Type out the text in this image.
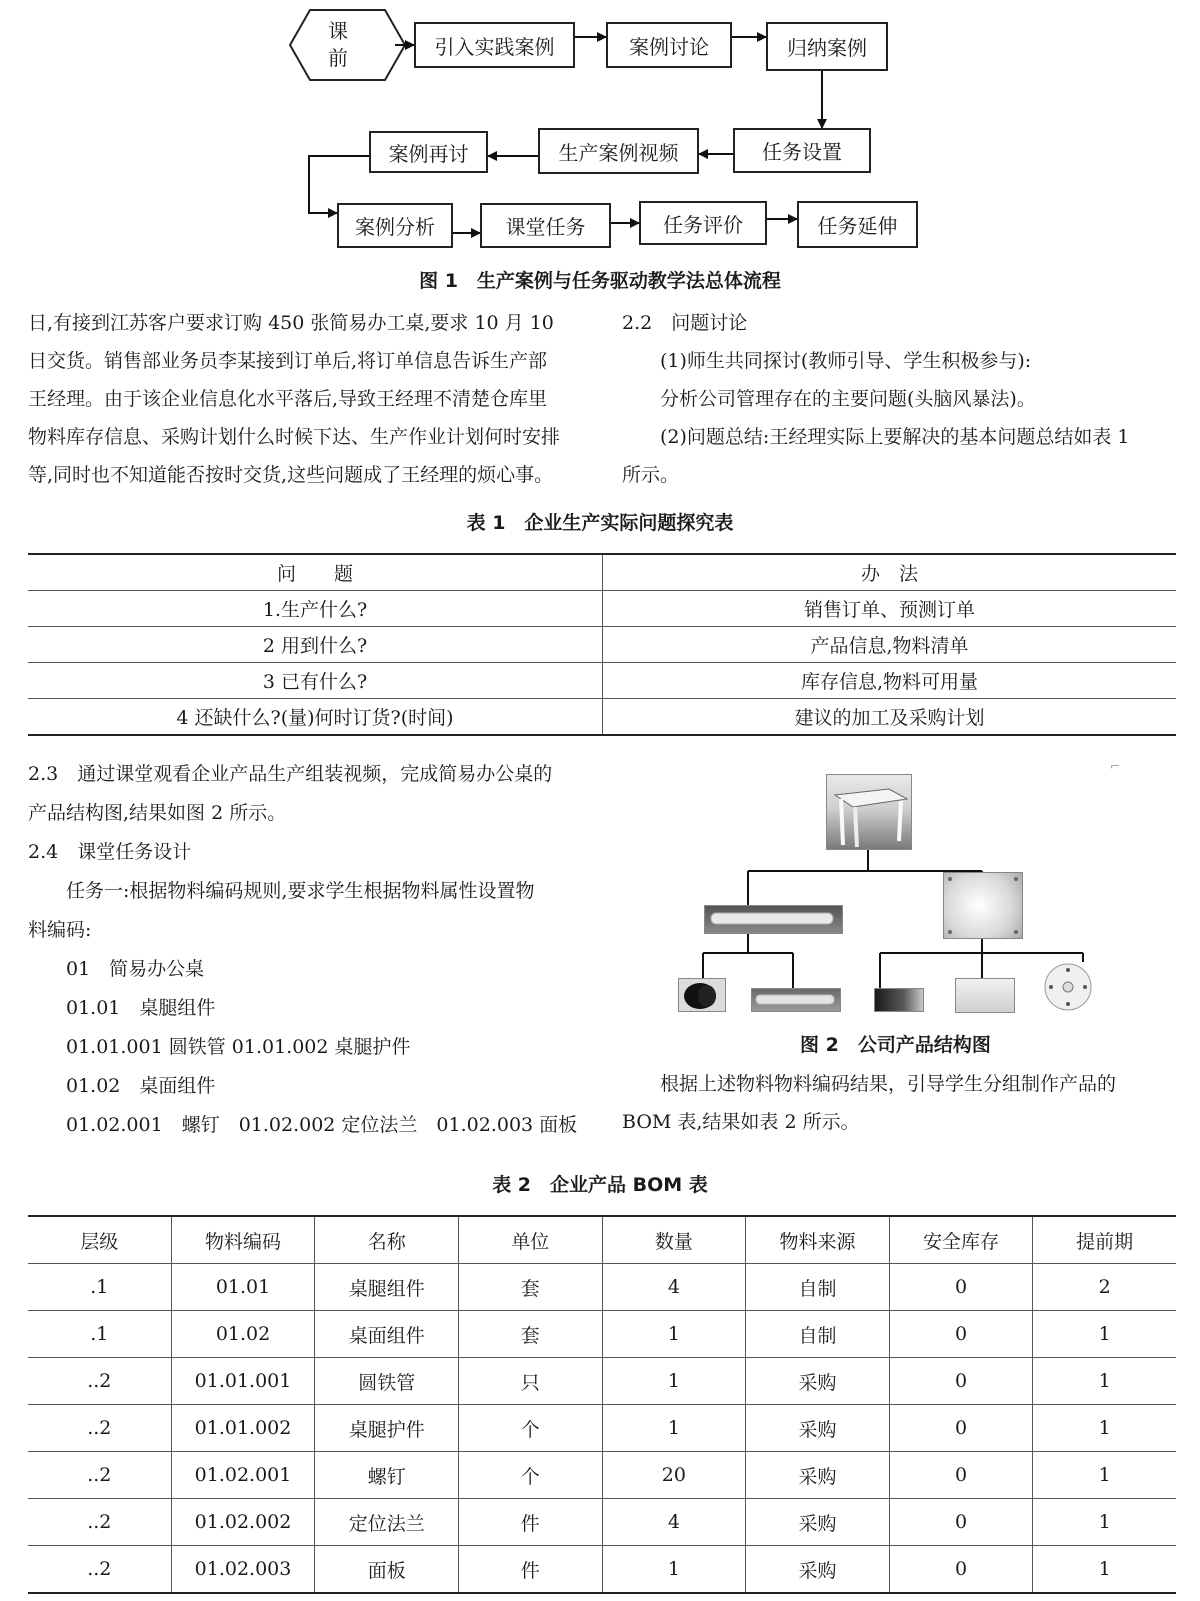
课
前	引入实践案例	案例讨论	归纳案例
任务设置
生产案例视频
案例再讨
案例分析	课堂任务	任务评价	任务延伸
图 1　生产案例与任务驱动教学法总体流程
日,有接到江苏客户要求订购 450 张简易办工桌,要求 10 月 10
日交货。销售部业务员李某接到订单后,将订单信息告诉生产部
王经理。由于该企业信息化水平落后,导致王经理不清楚仓库里
物料库存信息、采购计划什么时候下达、生产作业计划何时安排
等,同时也不知道能否按时交货,这些问题成了王经理的烦心事。
2.2　问题讨论
　　(1)师生共同探讨(教师引导、学生积极参与):
　　分析公司管理存在的主要问题(头脑风暴法)。
　　(2)问题总结:王经理实际上要解决的基本问题总结如表 1
所示。
表 1　企业生产实际问题探究表
问　　题	办　法
1.生产什么?	销售订单、预测订单
2 用到什么?	产品信息,物料清单
3 已有什么?	库存信息,物料可用量
4 还缺什么?(量)何时订货?(时间)	建议的加工及采购计划
2.3　通过课堂观看企业产品生产组装视频，完成简易办公桌的
产品结构图,结果如图 2 所示。
2.4　课堂任务设计
　　任务一:根据物料编码规则,要求学生根据物料属性设置物
料编码:
　　01　简易办公桌
　　01.01　桌腿组件
　　01.01.001 圆铁管 01.01.002 桌腿护件
　　01.02　桌面组件
　　01.02.001　螺钉　01.02.002 定位法兰　01.02.003 面板
⌐
图 2　公司产品结构图
　　根据上述物料物料编码结果，引导学生分组制作产品的
BOM 表,结果如表 2 所示。
表 2　企业产品 BOM 表
层级	物料编码	名称	单位	数量	物料来源	安全库存	提前期
.1	01.01	桌腿组件	套	4	自制	0	2
.1	01.02	桌面组件	套	1	自制	0	1
..2	01.01.001	圆铁管	只	1	采购	0	1
..2	01.01.002	桌腿护件	个	1	采购	0	1
..2	01.02.001	螺钉	个	20	采购	0	1
..2	01.02.002	定位法兰	件	4	采购	0	1
..2	01.02.003	面板	件	1	采购	0	1
